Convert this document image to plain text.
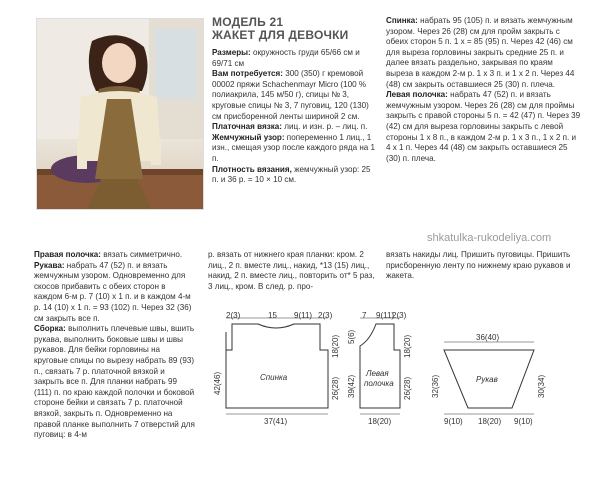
МОДЕЛЬ 21
ЖАКЕТ ДЛЯ ДЕВОЧКИ

Размеры: окружность груди 65/66 см и 69/71 см

Вам потребуется: 300 (350) г кремовой 00002 пряжи Schachenmayr Micro (100 % полиакрила, 145 м/50 г), спицы № 3, круговые спицы № 3, 7 пуговиц, 120 (130) см присборенной ленты шириной 2 см.

Платочная вязка: лиц. и изн. р. – лиц. п.

Жемчужный узор: попеременно 1 лиц., 1 изн., смещая узор после каждого ряда на 1 п.

Плотность вязания, жемчужный узор: 25 п. и 36 р. = 10 × 10 см.

Спинка: набрать 95 (105) п. и вязать жемчужным узором. Через 26 (28) см для пройм закрыть с обеих сторон 5 п. 1 х = 85 (95) п. Через 42 (46) см для выреза горловины закрыть средние 25 п. и далее вязать раздельно, закрывая по краям выреза в каждом 2-м р. 1 х 3 п. и 1 х 2 п. Через 44 (48) см закрыть оставшиеся 25 (30) п. плеча.

Левая полочка: набрать 47 (52) п. и вязать жемчужным узором. Через 26 (28) см для проймы закрыть с правой стороны 5 п. = 42 (47) п. Через 39 (42) см для выреза горловины закрыть с левой стороны 1 х 8 п., в каждом 2-м р. 1 х 3 п., 1 х 2 п. и 4 х 1 п. Через 44 (48) см закрыть оставшиеся 25 (30) п. плеча.

shkatulka-rukodeliya.com

Правая полочка: вязать симметрично.

Рукава: набрать 47 (52) п. и вязать жемчужным узором. Одновременно для скосов прибавить с обеих сторон в каждом 6-м р. 7 (10) х 1 п. и в каждом 4-м р. 14 (10) х 1 п. = 93 (102) п. Через 32 (36) см закрыть все п.

Сборка: выполнить плечевые швы, вшить рукава, выполнить боковые швы и швы рукавов. Для бейки горловины на круговые спицы по вырезу набрать 89 (93) п., связать 7 р. платочной вязкой и закрыть все п. Для планки набрать 99 (111) п. по краю каждой полочки и боковой стороне бейки и связать 7 р. платочной вязкой, закрыть п. Одновременно на правой планке выполнить 7 отверстий для пуговиц: в 4-м

р. вязать от нижнего края планки: кром. 2 лиц., 2 п. вместе лиц., накид, *13 (15) лиц., накид, 2 п. вместе лиц., повторить от* 5 раз, 3 лиц., кром. В след. р. про-

вязать накиды лиц. Пришить пуговицы. Пришить присборенную ленту по нижнему краю рукавов и жакета.

2(3)	15 9(11) 2(3)
42(46)
18(20)
26(28)
37(41)
Спинка
7 9(11)
2(3)
5(6)
39(42)
18(20)
26(28)
18(20)
Левая
полочка
36(40)
32(36)	30(34)
9(10) 18(20) 9(10)
Рукав
